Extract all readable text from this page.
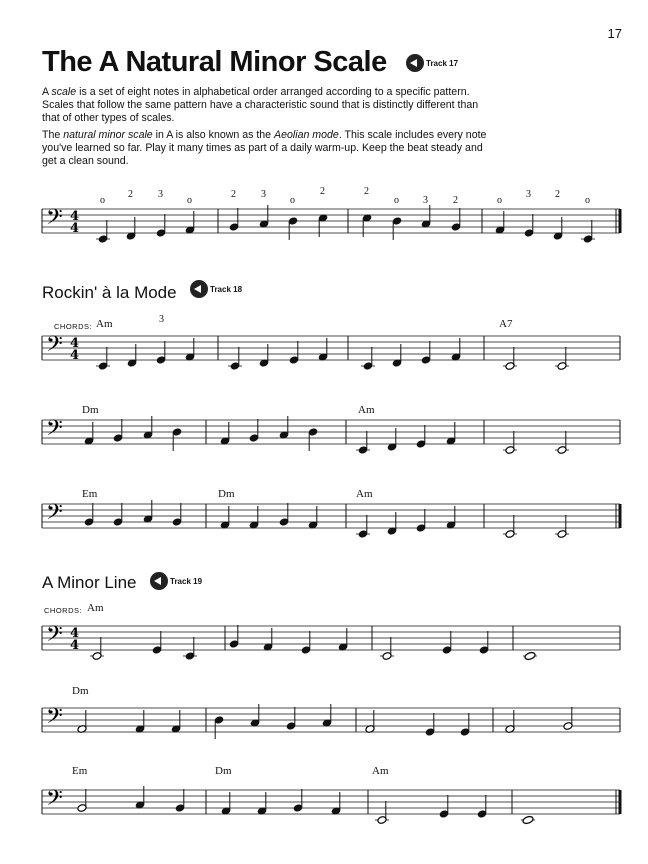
17
The A Natural Minor Scale	Track 17

A scale is a set of eight notes in alphabetical order arranged according to a specific pattern. Scales that follow the same pattern have a characteristic sound that is distinctly different than that of other types of scales.

The natural minor scale in A is also known as the Aeolian mode. This scale includes every note you've learned so far. Play it many times as part of a daily warm-up. Keep the beat steady and get a clean sound.

Rockin' à la Mode	Track 18
A Minor Line	Track 19
o
2	3
o
2	3
o
2	2
o 3	2	o
3 2
o
3
CHORDS: Am	A7
Dm	Am
Em	Dm	Am
CHORDS: Am
Dm
Em	Dm	Am
𝄢 4
4
𝄢 4
4
𝄢
𝄢
𝄢 4
4
𝄢
𝄢
